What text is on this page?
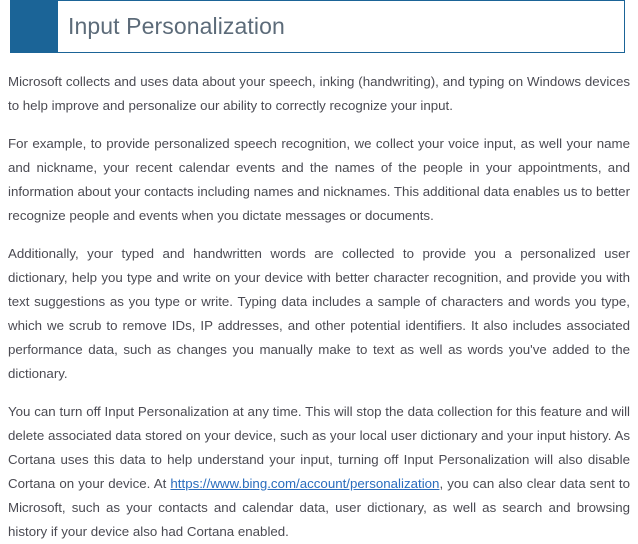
Input Personalization

Microsoft collects and uses data about your speech, inking (handwriting), and typing on Windows devices to help improve and personalize our ability to correctly recognize your input.

For example, to provide personalized speech recognition, we collect your voice input, as well your name and nickname, your recent calendar events and the names of the people in your appointments, and information about your contacts including names and nicknames. This additional data enables us to better recognize people and events when you dictate messages or documents.

Additionally, your typed and handwritten words are collected to provide you a personalized user dictionary, help you type and write on your device with better character recognition, and provide you with text suggestions as you type or write. Typing data includes a sample of characters and words you type, which we scrub to remove IDs, IP addresses, and other potential identifiers. It also includes associated performance data, such as changes you manually make to text as well as words you've added to the dictionary.

You can turn off Input Personalization at any time. This will stop the data collection for this feature and will delete associated data stored on your device, such as your local user dictionary and your input history. As Cortana uses this data to help understand your input, turning off Input Personalization will also disable Cortana on your device. At https://www.bing.com/account/personalization, you can also clear data sent to Microsoft, such as your contacts and calendar data, user dictionary, as well as search and browsing history if your device also had Cortana enabled.
